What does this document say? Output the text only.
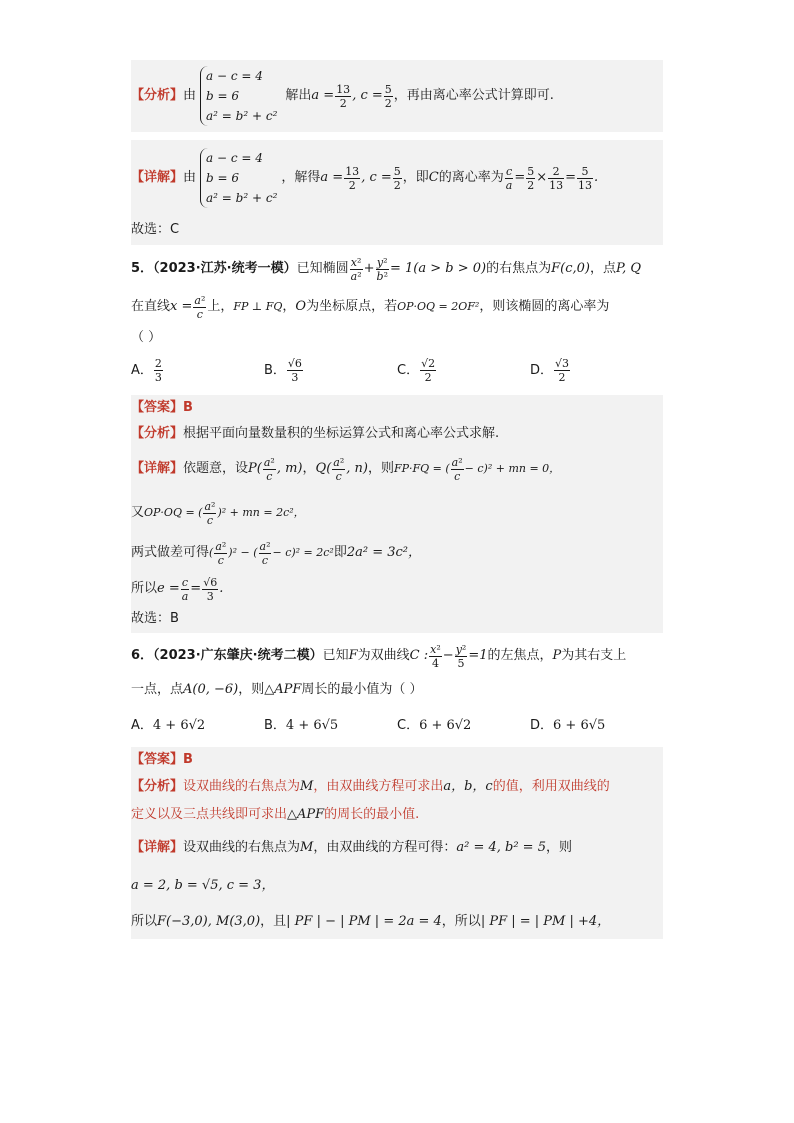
【分析】 由
a − c = 4
b = 6
a² = b² + c²
解出 $a = \frac{13}{2}$ , $c = \frac{5}{2}$ ，再由离心率公式计算即可.
【详解】 由
a − c = 4
b = 6
a² = b² + c²
，解得 $a = \frac{13}{2}$ , $c = \frac{5}{2}$ ，即 C 的离心率为 $\frac{c}{a} = \frac{5}{2} \times \frac{2}{13} = \frac{5}{13}$ .
故选：C
5．（2023·江苏·统考一模） 已知椭圆 $\frac{\text{x²}}{\text{a²}} + \frac{\text{y²}}{\text{b²}} = 1(a > b > 0)$ 的右焦点为 F(c,0) ，点 P, Q
在直线 $x = \frac{\text{a²}}{c}$ 上， FP ⊥ FQ ， O 为坐标原点，若 OP·OQ = 2OF² ，则该椭圆的离心率为
（ ）
A． $\frac{2}{3}$	B． $\frac{√6}{3}$	C． $\frac{√2}{2}$	D． $\frac{√3}{2}$
【答案】B
【分析】 根据平面向量数量积的坐标运算公式和离心率公式求解.
【详解】 依题意，设 $P( \frac{\text{a²}}{c}$ , m) ， $Q( \frac{\text{a²}}{c}$ , n) ，则 FP·FQ = ( $\frac{\text{a²}}{c} - c)^2$ + mn = 0，
又 OP·OQ = ( $\frac{\text{a²}}{c} )^2$ + mn = 2c²，
两式做差可得 ( $\frac{\text{a²}}{c} )^2$ − ( $\frac{\text{a²}}{c} - c)^2 = 2c^2$ 即 2a² = 3c²，
所以 $e = \frac{c}{a} = \frac{√6}{3}$ .
故选：B
6．（2023·广东肇庆·统考二模） 已知 F 为双曲线 C : $\frac{\text{x²}}{4} - \frac{\text{y²}}{5} =1$ 的左焦点， P 为其右支上
一点，点 A(0, −6) ，则 △APF 周长的最小值为（ ）
A．4 + 6√2	B．4 + 6√5	C．6 + 6√2	D．6 + 6√5
【答案】B
【分析】 设双曲线的右焦点为 M ，由双曲线方程可求出 a，b，c 的值，利用双曲线的
定义以及三点共线即可求出 △APF 的周长的最小值.
【详解】 设双曲线的右焦点为 M ，由双曲线的方程可得： a² = 4, b² = 5 ，则
a = 2, b = √5, c = 3，
所以 F(−3,0), M(3,0) ，且 | PF | − | PM | = 2a = 4 ，所以 | PF | = | PM | +4，
